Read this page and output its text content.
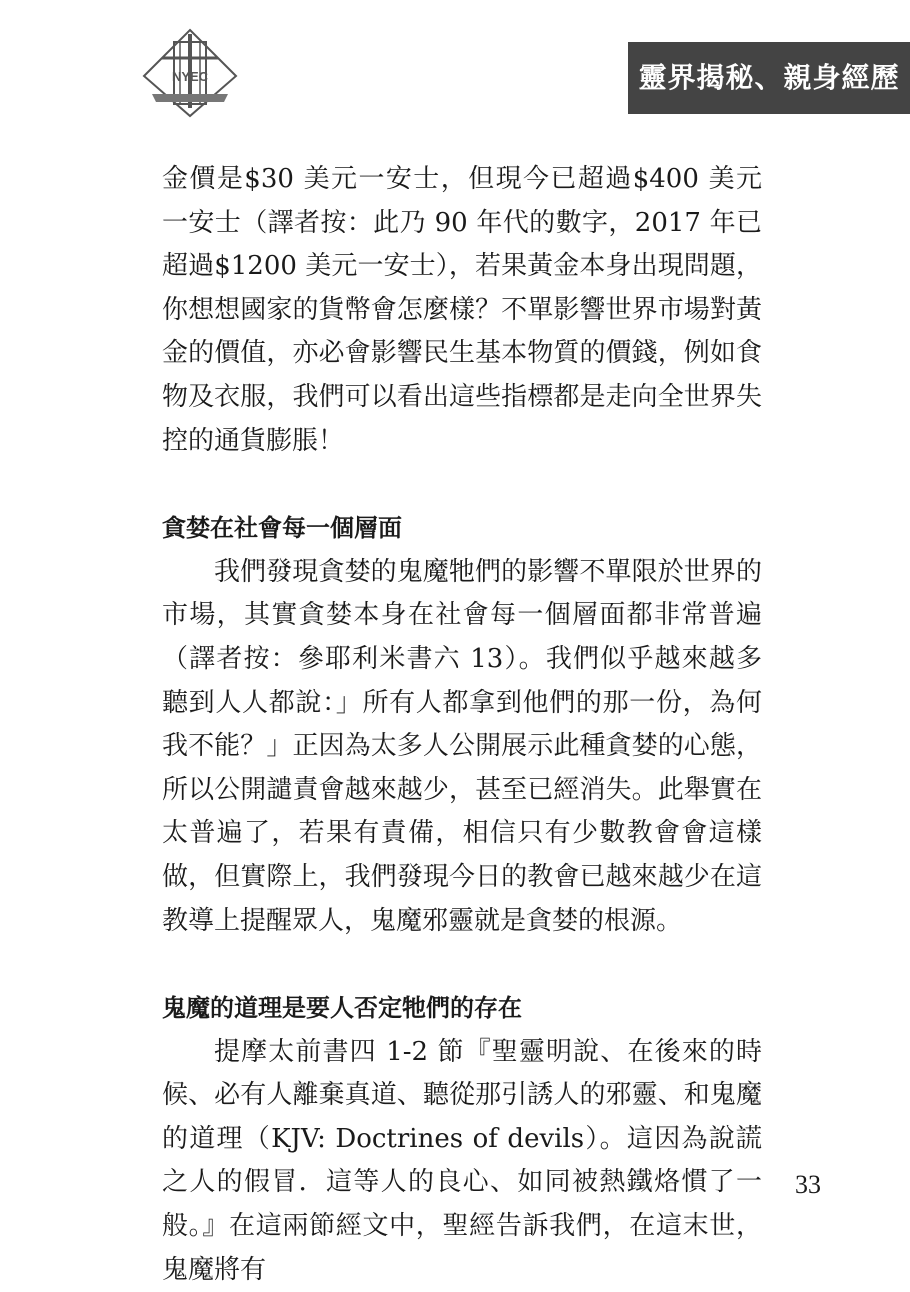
NYEC	靈界揭秘、親身經歷

金價是$30 美元一安士，但現今已超過$400 美元一安士（譯者按：此乃 90 年代的數字，2017 年已超過$1200 美元一安士），若果黃金本身出現問題，你想想國家的貨幣會怎麼樣？不單影響世界市場對黃金的價值，亦必會影響民生基本物質的價錢，例如食物及衣服，我們可以看出這些指標都是走向全世界失控的通貨膨脹！

貪婪在社會每一個層面

我們發現貪婪的鬼魔牠們的影響不單限於世界的市場，其實貪婪本身在社會每一個層面都非常普遍（譯者按：參耶利米書六 13）。我們似乎越來越多聽到人人都說：」所有人都拿到他們的那一份，為何我不能？」正因為太多人公開展示此種貪婪的心態，所以公開譴責會越來越少，甚至已經消失。此舉實在太普遍了，若果有責備，相信只有少數教會會這樣做，但實際上，我們發現今日的教會已越來越少在這教導上提醒眾人，鬼魔邪靈就是貪婪的根源。

鬼魔的道理是要人否定牠們的存在

提摩太前書四 1-2 節『聖靈明說、在後來的時候、必有人離棄真道、聽從那引誘人的邪靈、和鬼魔的道理（KJV: Doctrines of devils）。這因為說謊之人的假冒．這等人的良心、如同被熱鐵烙慣了一般。』在這兩節經文中，聖經告訴我們，在這末世，鬼魔將有

33
